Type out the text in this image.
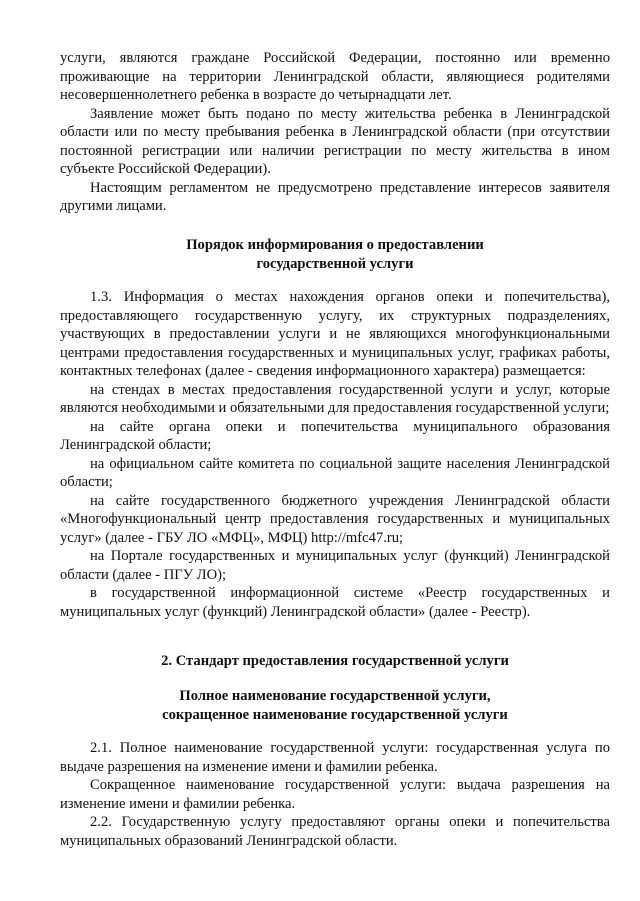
услуги, являются граждане Российской Федерации, постоянно или временно проживающие на территории Ленинградской области, являющиеся родителями несовершеннолетнего ребенка в возрасте до четырнадцати лет.

Заявление может быть подано по месту жительства ребенка в Ленинградской области или по месту пребывания ребенка в Ленинградской области (при отсутствии постоянной регистрации или наличии регистрации по месту жительства в ином субъекте Российской Федерации).

Настоящим регламентом не предусмотрено представление интересов заявителя другими лицами.

Порядок информирования о предоставлении
государственной услуги

1.3. Информация о местах нахождения органов опеки и попечительства), предоставляющего государственную услугу, их структурных подразделениях, участвующих в предоставлении услуги и не являющихся многофункциональными центрами предоставления государственных и муниципальных услуг, графиках работы, контактных телефонах (далее - сведения информационного характера) размещается:

на стендах в местах предоставления государственной услуги и услуг, которые являются необходимыми и обязательными для предоставления государственной услуги;

на сайте органа опеки и попечительства муниципального образования Ленинградской области;

на официальном сайте комитета по социальной защите населения Ленинградской области;

на сайте государственного бюджетного учреждения Ленинградской области «Многофункциональный центр предоставления государственных и муниципальных услуг» (далее - ГБУ ЛО «МФЦ», МФЦ) http://mfc47.ru;

на Портале государственных и муниципальных услуг (функций) Ленинградской области (далее - ПГУ ЛО);

в государственной информационной системе «Реестр государственных и муниципальных услуг (функций) Ленинградской области» (далее - Реестр).

2. Стандарт предоставления государственной услуги
Полное наименование государственной услуги,
сокращенное наименование государственной услуги

2.1. Полное наименование государственной услуги: государственная услуга по выдаче разрешения на изменение имени и фамилии ребенка.

Сокращенное наименование государственной услуги: выдача разрешения на изменение имени и фамилии ребенка.

2.2. Государственную услугу предоставляют органы опеки и попечительства муниципальных образований Ленинградской области.
